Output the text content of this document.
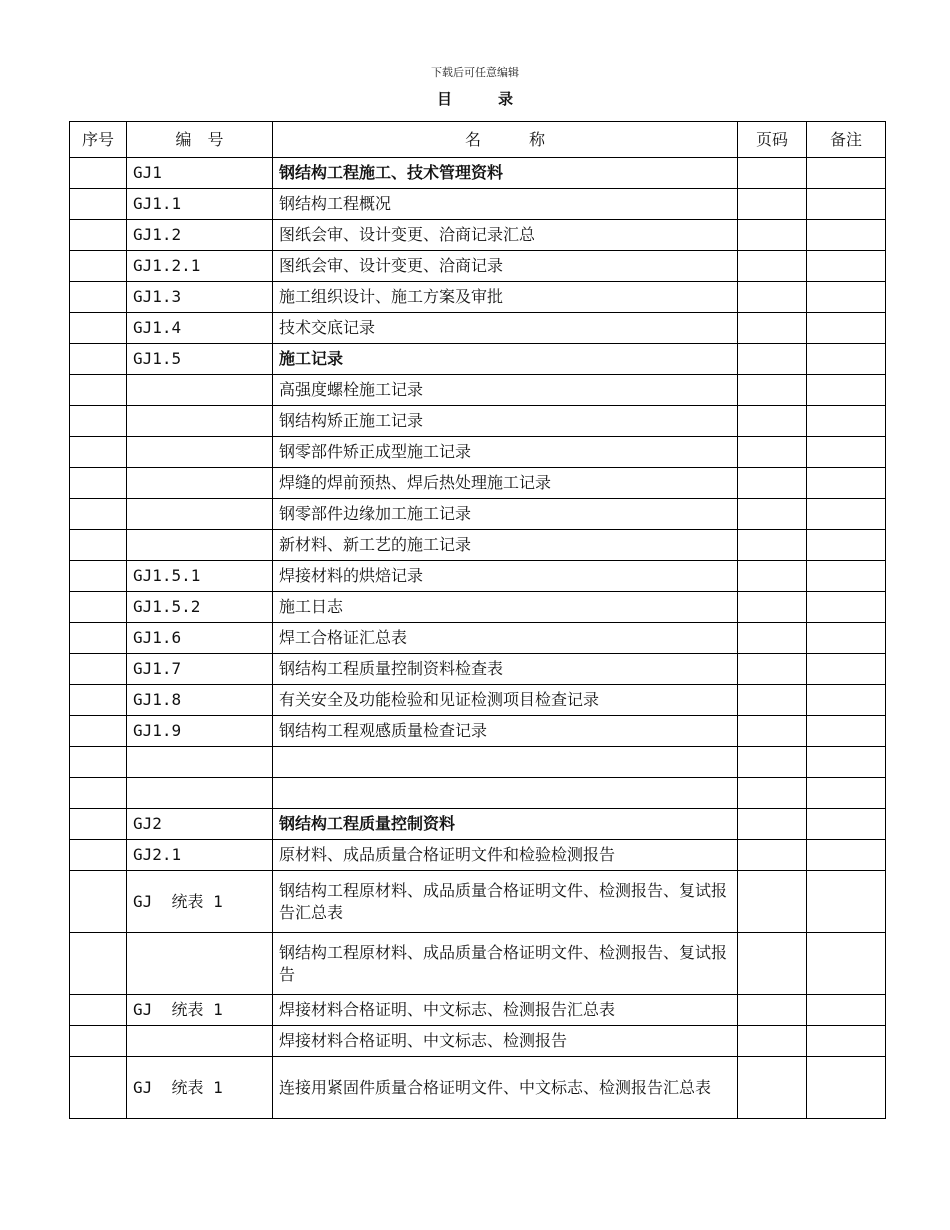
下载后可任意编辑
目	录
序号	编　号	名　　　称	页码	备注
	GJ1	钢结构工程施工、技术管理资料		
	GJ1.1	钢结构工程概况		
	GJ1.2	图纸会审、设计变更、洽商记录汇总		
	GJ1.2.1	图纸会审、设计变更、洽商记录		
	GJ1.3	施工组织设计、施工方案及审批		
	GJ1.4	技术交底记录		
	GJ1.5	施工记录		
		高强度螺栓施工记录		
		钢结构矫正施工记录		
		钢零部件矫正成型施工记录		
		焊缝的焊前预热、焊后热处理施工记录		
		钢零部件边缘加工施工记录		
		新材料、新工艺的施工记录		
	GJ1.5.1	焊接材料的烘焙记录		
	GJ1.5.2	施工日志		
	GJ1.6	焊工合格证汇总表		
	GJ1.7	钢结构工程质量控制资料检查表		
	GJ1.8	有关安全及功能检验和见证检测项目检查记录		
	GJ1.9	钢结构工程观感质量检查记录		

	GJ2	钢结构工程质量控制资料		
	GJ2.1	原材料、成品质量合格证明文件和检验检测报告		
	GJ  统表 1	钢结构工程原材料、成品质量合格证明文件、检测报告、复试报告汇总表		
		钢结构工程原材料、成品质量合格证明文件、检测报告、复试报告		
	GJ  统表 1	焊接材料合格证明、中文标志、检测报告汇总表		
		焊接材料合格证明、中文标志、检测报告		
	GJ  统表 1	连接用紧固件质量合格证明文件、中文标志、检测报告汇总表		
